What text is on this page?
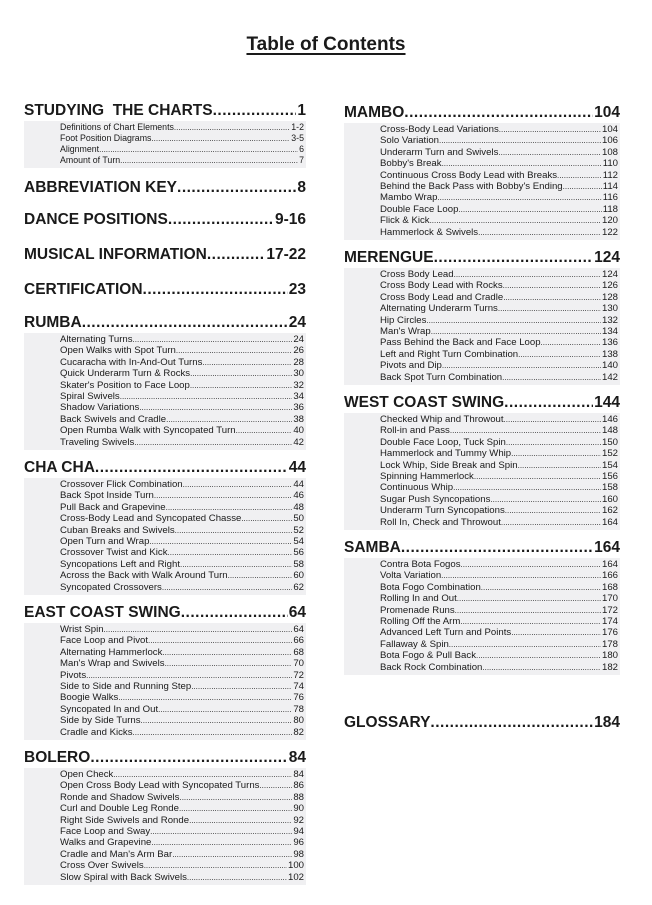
Table of Contents
STUDYING  THE CHARTS .....	1
Definitions of Chart Elements .....	1-2
Foot Position Diagrams .....	3-5
Alignment .....	6
Amount of Turn .....	7
ABBREVIATION KEY .....	8
DANCE POSITIONS .....	9-16
MUSICAL INFORMATION .....	17-22
CERTIFICATION .....	23
RUMBA .....	24
Alternating Turns .....	24
Open Walks with Spot Turn .....	26
Cucaracha with In-And-Out Turns .....	28
Quick Underarm Turn & Rocks .....	30
Skater's Position to Face Loop .....	32
Spiral Swivels .....	34
Shadow Variations .....	36
Back Swivels and Cradle .....	38
Open Rumba Walk with Syncopated Turn .....	40
Traveling Swivels .....	42
CHA CHA .....	44
Crossover Flick Combination .....	44
Back Spot Inside Turn .....	46
Pull Back and Grapevine .....	48
Cross-Body Lead and Syncopated Chasse .....	50
Cuban Breaks and Swivels .....	52
Open Turn and Wrap .....	54
Crossover Twist and Kick .....	56
Syncopations Left and Right .....	58
Across the Back with Walk Around Turn .....	60
Syncopated Crossovers .....	62
EAST COAST SWING .....	64
Wrist Spin .....	64
Face Loop and Pivot .....	66
Alternating Hammerlock .....	68
Man's Wrap and Swivels .....	70
Pivots .....	72
Side to Side and Running Step .....	74
Boogie Walks .....	76
Syncopated In and Out .....	78
Side by Side Turns .....	80
Cradle and Kicks .....	82
BOLERO .....	84
Open Check .....	84
Open Cross Body Lead with Syncopated Turns .....	86
Ronde and Shadow Swivels .....	88
Curl and Double Leg Ronde .....	90
Right Side Swivels and Ronde .....	92
Face Loop and Sway .....	94
Walks and Grapevine .....	96
Cradle and Man's Arm Bar .....	98
Cross Over Swivels .....	100
Slow Spiral with Back Swivels .....	102
MAMBO .....	104
Cross-Body Lead Variations .....	104
Solo Variation .....	106
Underarm Turn and Swivels .....	108
Bobby's Break .....	110
Continuous Cross Body Lead with Breaks .....	112
Behind the Back Pass with Bobby's Ending .....	114
Mambo Wrap .....	116
Double Face Loop .....	118
Flick & Kick .....	120
Hammerlock & Swivels .....	122
MERENGUE .....	124
Cross Body Lead .....	124
Cross Body Lead with Rocks .....	126
Cross Body Lead and Cradle .....	128
Alternating Underarm Turns .....	130
Hip Circles .....	132
Man's Wrap .....	134
Pass Behind the Back and Face Loop .....	136
Left and Right Turn Combination .....	138
Pivots and Dip .....	140
Back Spot Turn Combination .....	142
WEST COAST SWING .....	144
Checked Whip and Throwout .....	146
Roll-in and Pass .....	148
Double Face Loop, Tuck Spin .....	150
Hammerlock and Tummy Whip .....	152
Lock Whip, Side Break and Spin .....	154
Spinning Hammerlock .....	156
Continuous Whip .....	158
Sugar Push Syncopations .....	160
Underarm Turn Syncopations .....	162
Roll In, Check and Throwout .....	164
SAMBA .....	164
Contra Bota Fogos .....	164
Volta Variation .....	166
Bota Fogo Combination .....	168
Rolling In and Out .....	170
Promenade Runs .....	172
Rolling Off the Arm .....	174
Advanced Left Turn and Points .....	176
Fallaway & Spin .....	178
Bota Fogo & Pull Back .....	180
Back Rock Combination .....	182
GLOSSARY .....	184
